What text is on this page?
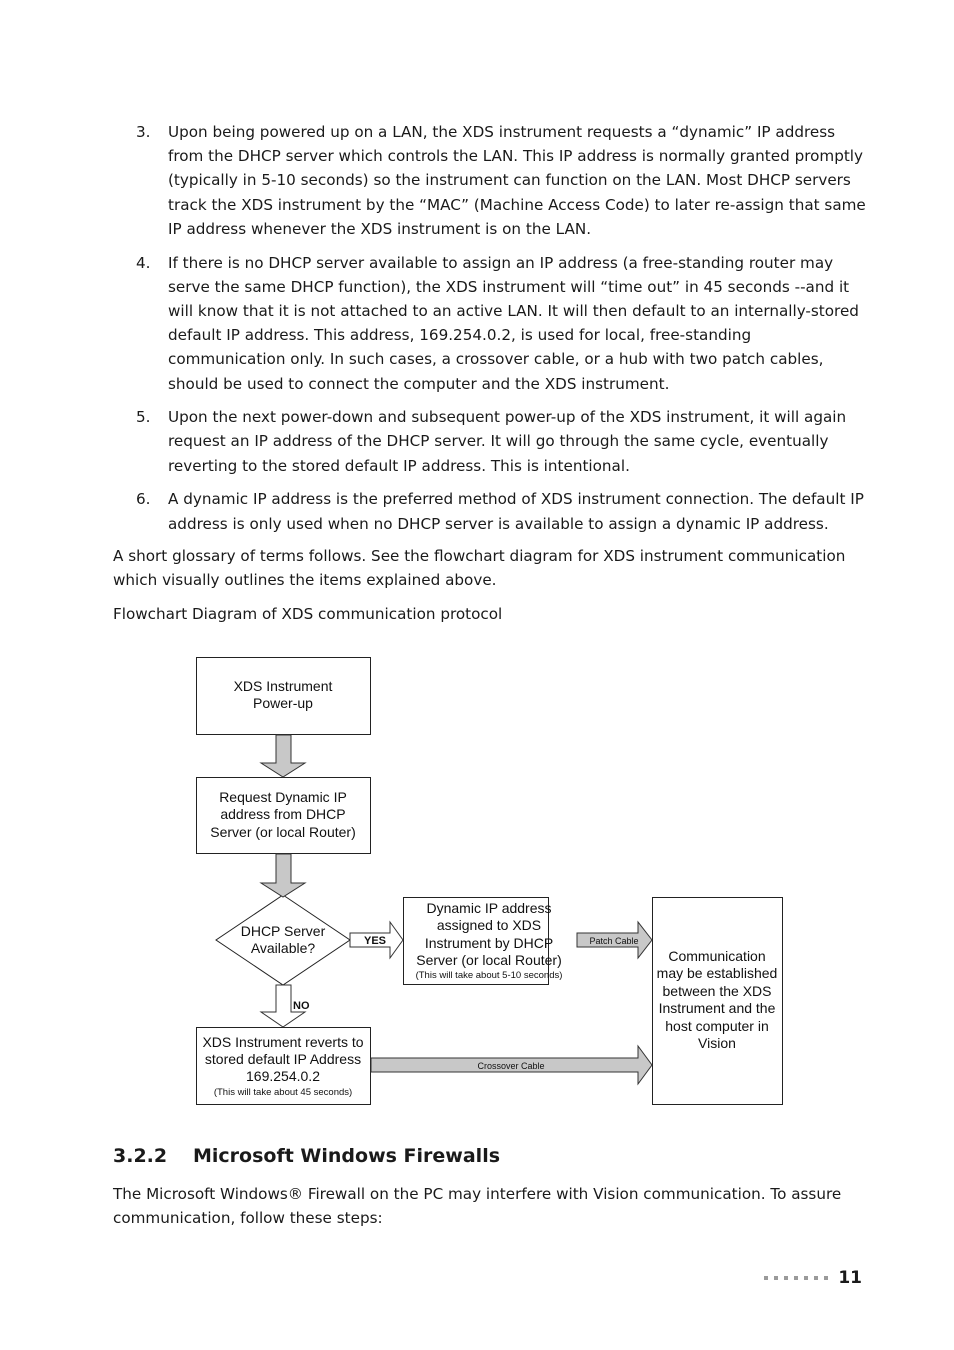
3.	Upon being powered up on a LAN, the XDS instrument requests a “dynamic” IP address from the DHCP server which controls the LAN. This IP address is normally granted promptly (typically in 5-10 seconds) so the instrument can function on the LAN. Most DHCP servers track the XDS instrument by the “MAC” (Machine Access Code) to later re-assign that same IP address whenever the XDS instrument is on the LAN.
4.	If there is no DHCP server available to assign an IP address (a free-standing router may serve the same DHCP function), the XDS instrument will “time out” in 45 seconds --and it will know that it is not attached to an active LAN. It will then default to an internally-stored default IP address. This address, 169.254.0.2, is used for local, free-standing communication only. In such cases, a crossover cable, or a hub with two patch cables, should be used to connect the computer and the XDS instrument.
5.	Upon the next power-down and subsequent power-up of the XDS instrument, it will again request an IP address of the DHCP server. It will go through the same cycle, eventually reverting to the stored default IP address. This is intentional.
6.	A dynamic IP address is the preferred method of XDS instrument connection. The default IP address is only used when no DHCP server is available to assign a dynamic IP address.

A short glossary of terms follows. See the flowchart diagram for XDS instrument communication which visually outlines the items explained above.

Flowchart Diagram of XDS communication protocol

XDS Instrument
Power-up
Request Dynamic IP
address from DHCP
Server (or local Router)
DHCP Server
Available?	YES
NO
Dynamic IP address
assigned to XDS
Instrument by DHCP
Server (or local Router)
(This will take about 5-10 seconds)
Patch Cable
Crossover Cable
Communication
may be established
between the XDS
Instrument and the
host computer in
Vision
XDS Instrument reverts to
stored default IP Address
169.254.0.2
(This will take about 45 seconds)
3.2.2 Microsoft Windows Firewalls

The Microsoft Windows® Firewall on the PC may interfere with Vision communication. To assure communication, follow these steps:

11
